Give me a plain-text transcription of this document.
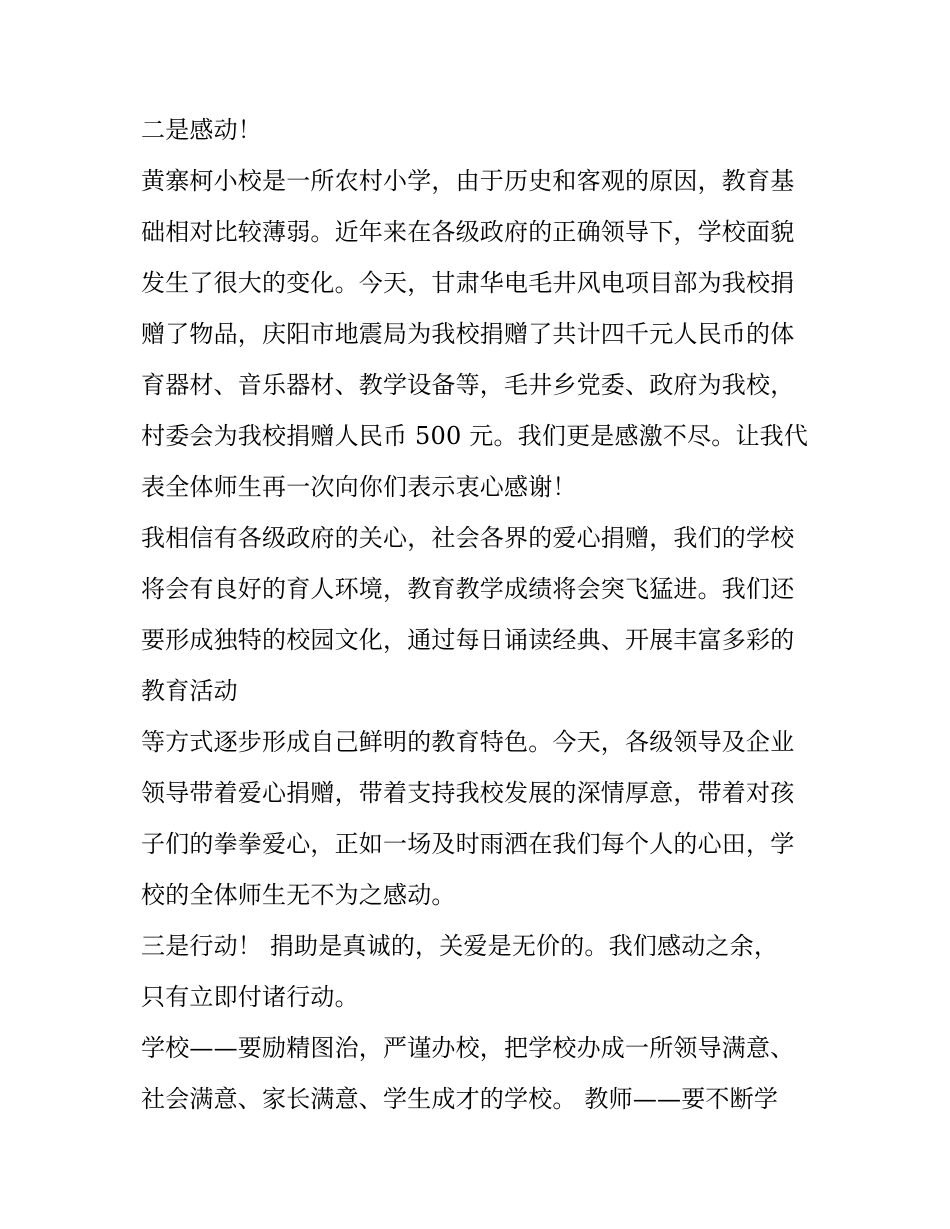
二是感动！
黄寨柯小校是一所农村小学，由于历史和客观的原因，教育基
础相对比较薄弱。近年来在各级政府的正确领导下，学校面貌
发生了很大的变化。今天，甘肃华电毛井风电项目部为我校捐
赠了物品，庆阳市地震局为我校捐赠了共计四千元人民币的体
育器材、音乐器材、教学设备等，毛井乡党委、政府为我校，
村委会为我校捐赠人民币 500 元。我们更是感激不尽。让我代
表全体师生再一次向你们表示衷心感谢！
我相信有各级政府的关心，社会各界的爱心捐赠，我们的学校
将会有良好的育人环境，教育教学成绩将会突飞猛进。我们还
要形成独特的校园文化，通过每日诵读经典、开展丰富多彩的
教育活动
等方式逐步形成自己鲜明的教育特色。今天，各级领导及企业
领导带着爱心捐赠，带着支持我校发展的深情厚意，带着对孩
子们的拳拳爱心，正如一场及时雨洒在我们每个人的心田，学
校的全体师生无不为之感动。
三是行动！ 捐助是真诚的，关爱是无价的。我们感动之余，
只有立即付诸行动。
学校——要励精图治，严谨办校，把学校办成一所领导满意、
社会满意、家长满意、学生成才的学校。 教师——要不断学
